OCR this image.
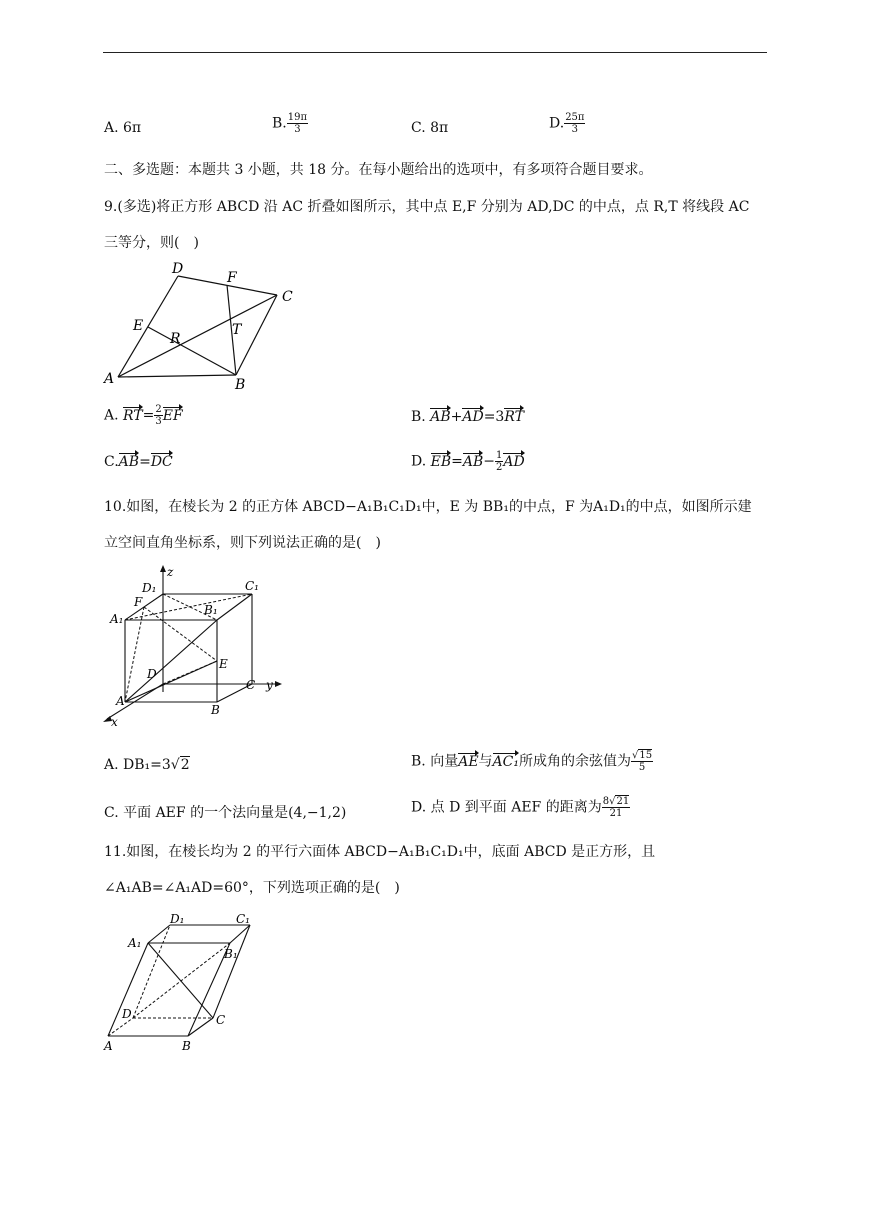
A. 6π	B. $\frac{19\pi}{3}$	C. 8π	D. $\frac{25\pi}{3}$
二、多选题：本题共 3 小题，共 18 分。在每小题给出的选项中，有多项符合题目要求。
9.(多选)将正方形 ABCD 沿 AC 折叠如图所示，其中点 E,F 分别为 AD,DC 的中点，点 R,T 将线段 AC
三等分，则(　)
D
F
C
E
R
T
A	B
A. $RT= \frac{2}{3}$ EF	B. AB+AD=3RT
C.AB=DC	D. $EB=AB- \frac{1}{2}$ AD
10.如图，在棱长为 2 的正方体 ABCD−A₁B₁C₁D₁中，E 为 BB₁的中点，F 为A₁D₁的中点，如图所示建
立空间直角坐标系，则下列说法正确的是(　)
z
D₁	C₁
F
A₁
B₁
D
E
A
C y
B
x
A. DB₁=3√2	B. 向量AE与AC₁所成角的余弦值为 $\frac{√15}{5}$
C. 平面 AEF 的一个法向量是(4,−1,2)	D. 点 D 到平面 AEF 的距离为 $\frac{8√21}{21}$
11.如图，在棱长均为 2 的平行六面体 ABCD−A₁B₁C₁D₁中，底面 ABCD 是正方形，且
∠A₁AB=∠A₁AD=60°，下列选项正确的是(　)
D₁	C₁
A₁
B₁
D	C
A	B
